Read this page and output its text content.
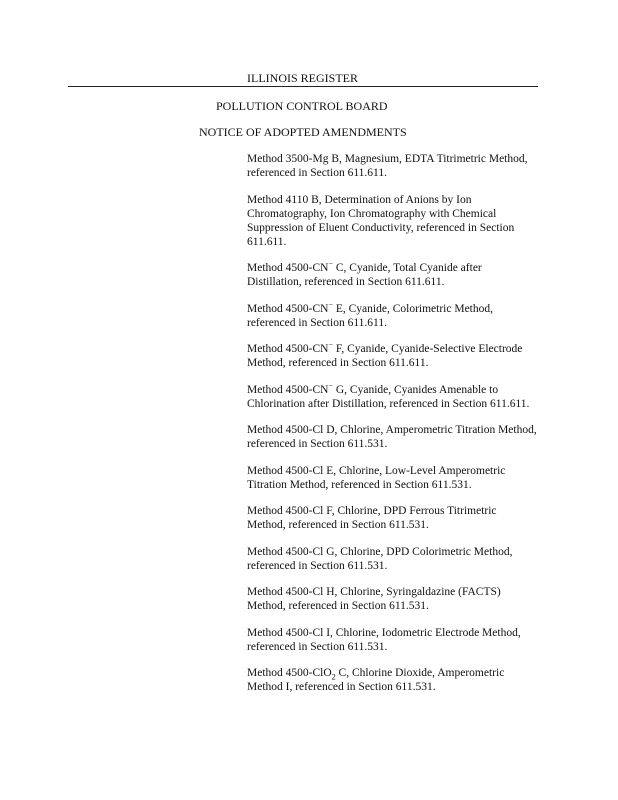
ILLINOIS REGISTER
POLLUTION CONTROL BOARD
NOTICE OF ADOPTED AMENDMENTS

Method 3500-Mg B, Magnesium, EDTA Titrimetric Method, referenced in Section 611.611.

Method 4110 B, Determination of Anions by Ion Chromatography, Ion Chromatography with Chemical Suppression of Eluent Conductivity, referenced in Section 611.611.

Method 4500-CN− C, Cyanide, Total Cyanide after Distillation, referenced in Section 611.611.

Method 4500-CN− E, Cyanide, Colorimetric Method, referenced in Section 611.611.

Method 4500-CN− F, Cyanide, Cyanide-Selective Electrode Method, referenced in Section 611.611.

Method 4500-CN− G, Cyanide, Cyanides Amenable to Chlorination after Distillation, referenced in Section 611.611.

Method 4500-Cl D, Chlorine, Amperometric Titration Method, referenced in Section 611.531.

Method 4500-Cl E, Chlorine, Low-Level Amperometric Titration Method, referenced in Section 611.531.

Method 4500-Cl F, Chlorine, DPD Ferrous Titrimetric Method, referenced in Section 611.531.

Method 4500-Cl G, Chlorine, DPD Colorimetric Method, referenced in Section 611.531.

Method 4500-Cl H, Chlorine, Syringaldazine (FACTS) Method, referenced in Section 611.531.

Method 4500-Cl I, Chlorine, Iodometric Electrode Method, referenced in Section 611.531.

Method 4500-ClO$_2$ C, Chlorine Dioxide, Amperometric Method I, referenced in Section 611.531.
